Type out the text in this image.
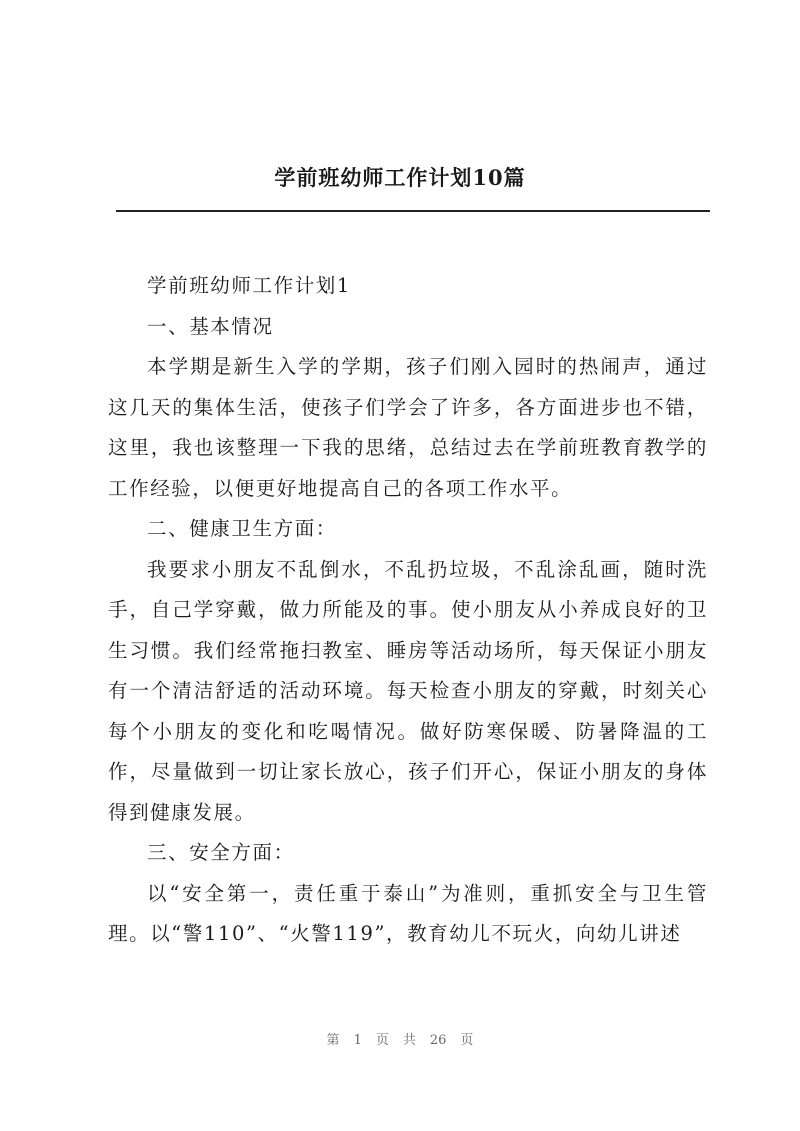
学前班幼师工作计划10篇

学前班幼师工作计划1

一、基本情况

本学期是新生入学的学期，孩子们刚入园时的热闹声，通过这几天的集体生活，使孩子们学会了许多，各方面进步也不错，这里，我也该整理一下我的思绪，总结过去在学前班教育教学的工作经验，以便更好地提高自己的各项工作水平。

二、健康卫生方面：

我要求小朋友不乱倒水，不乱扔垃圾，不乱涂乱画，随时洗手，自己学穿戴，做力所能及的事。使小朋友从小养成良好的卫生习惯。我们经常拖扫教室、睡房等活动场所，每天保证小朋友有一个清洁舒适的活动环境。每天检查小朋友的穿戴，时刻关心每个小朋友的变化和吃喝情况。做好防寒保暖、防暑降温的工作，尽量做到一切让家长放心，孩子们开心，保证小朋友的身体得到健康发展。

三、安全方面：

以“安全第一，责任重于泰山”为准则，重抓安全与卫生管理。以“警110”、“火警119”，教育幼儿不玩火，向幼儿讲述

第 1 页 共 26 页
